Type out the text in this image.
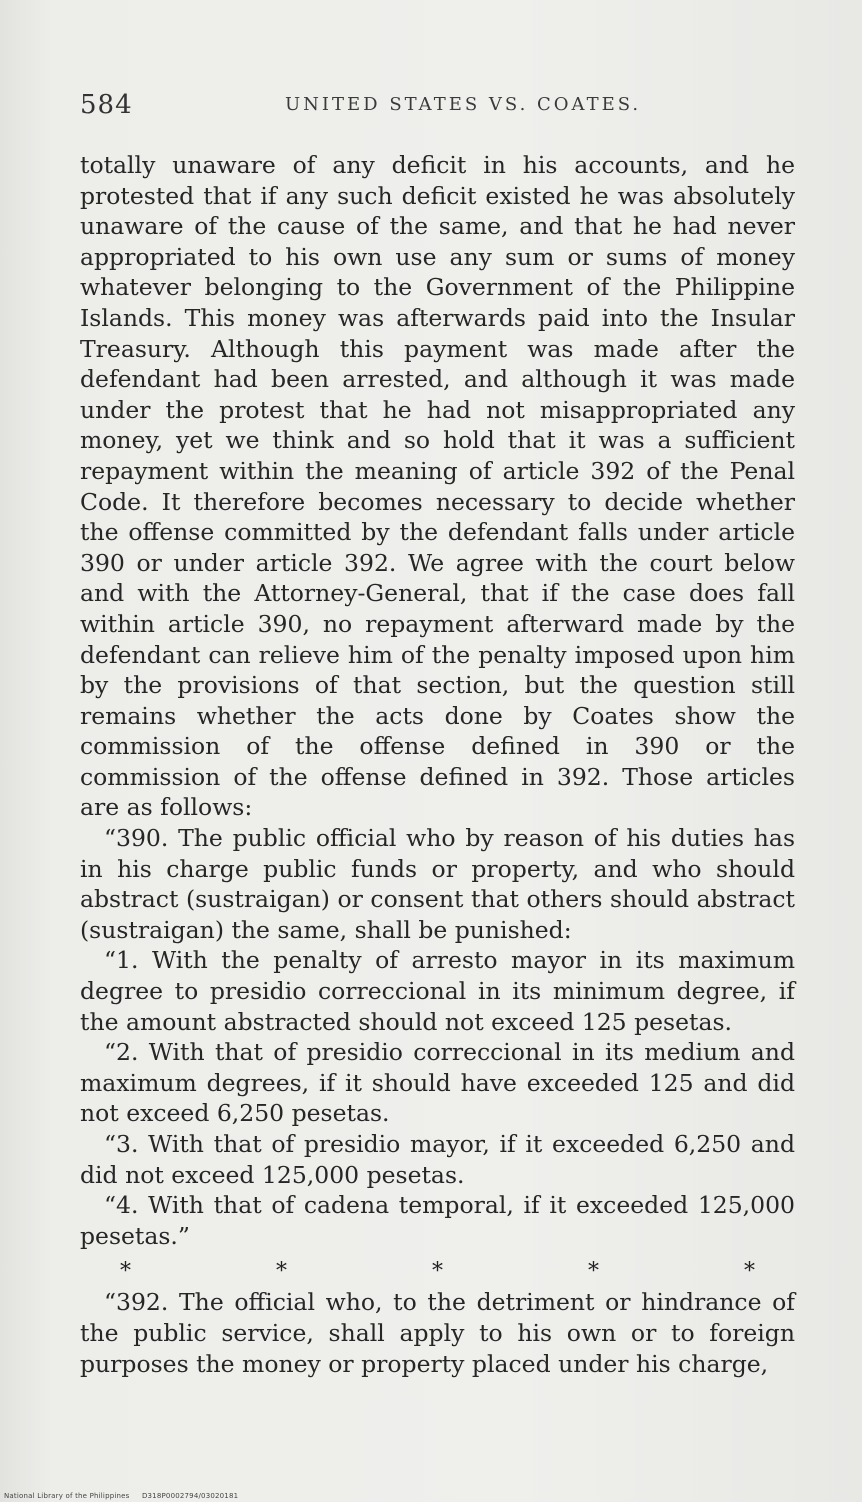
584	UNITED STATES VS. COATES.

totally unaware of any deficit in his accounts, and he protested that if any such deficit existed he was absolutely unaware of the cause of the same, and that he had never appropriated to his own use any sum or sums of money whatever belonging to the Government of the Philippine Islands. This money was afterwards paid into the Insular Treasury. Although this payment was made after the defendant had been arrested, and although it was made under the protest that he had not misappropriated any money, yet we think and so hold that it was a sufficient repayment within the meaning of article 392 of the Penal Code. It therefore becomes necessary to decide whether the offense committed by the defendant falls under article 390 or under article 392. We agree with the court below and with the Attorney-General, that if the case does fall within article 390, no repayment afterward made by the defendant can relieve him of the penalty imposed upon him by the provisions of that section, but the question still remains whether the acts done by Coates show the commission of the offense defined in 390 or the commission of the offense defined in 392. Those articles are as follows:

“390. The public official who by reason of his duties has in his charge public funds or property, and who should abstract (sustraigan) or consent that others should abstract (sustraigan) the same, shall be punished:

“1. With the penalty of arresto mayor in its maximum degree to presidio correccional in its minimum degree, if the amount abstracted should not exceed 125 pesetas.

“2. With that of presidio correccional in its medium and maximum degrees, if it should have exceeded 125 and did not exceed 6,250 pesetas.

“3. With that of presidio mayor, if it exceeded 6,250 and did not exceed 125,000 pesetas.

“4. With that of cadena temporal, if it exceeded 125,000 pesetas.”

*	*	*	*	*

“392. The official who, to the detriment or hindrance of the public service, shall apply to his own or to foreign purposes the money or property placed under his charge,

National Library of the Philippines D318P0002794/03020181
